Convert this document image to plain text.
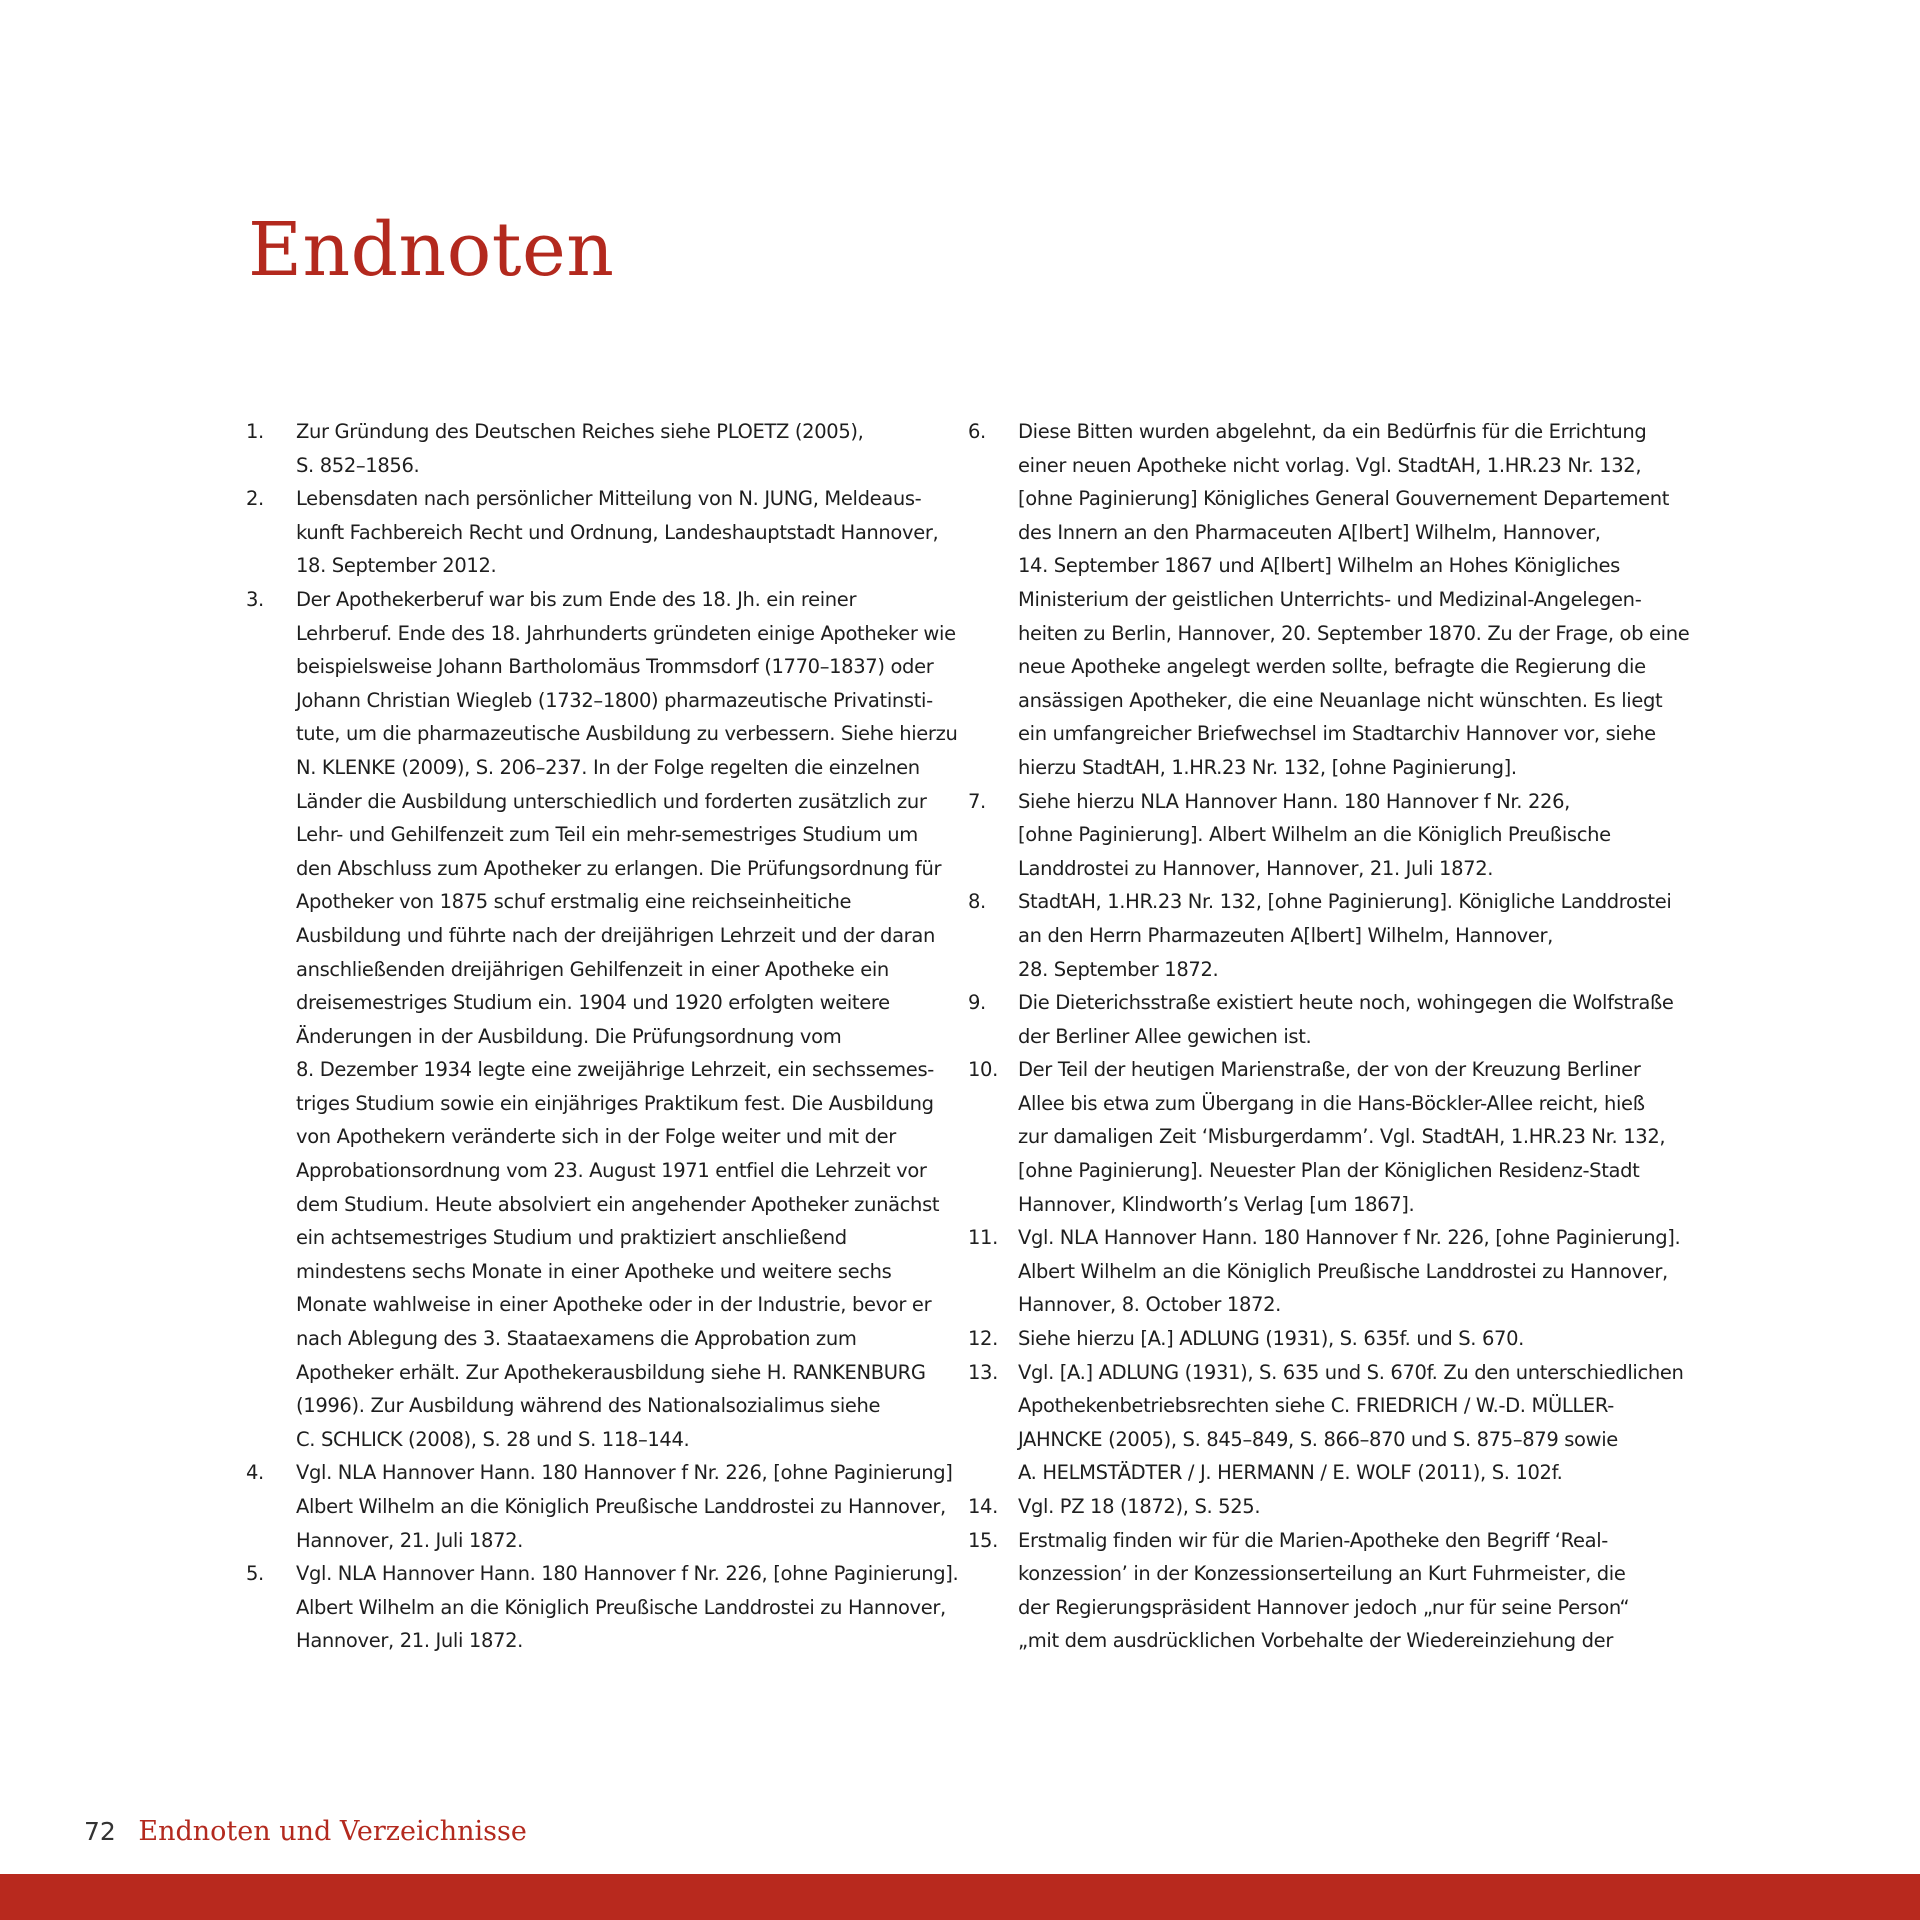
Endnoten
1.	Zur Gründung des Deutschen Reiches siehe PLOETZ (2005),
S. 852–1856.
2.	Lebensdaten nach persönlicher Mitteilung von N. JUNG, Meldeaus-
kunft Fachbereich Recht und Ordnung, Landeshauptstadt Hannover,
18. September 2012.
3.	Der Apothekerberuf war bis zum Ende des 18. Jh. ein reiner
Lehrberuf. Ende des 18. Jahrhunderts gründeten einige Apotheker wie
beispielsweise Johann Bartholomäus Trommsdorf (1770–1837) oder
Johann Christian Wiegleb (1732–1800) pharmazeutische Privatinsti-
tute, um die pharmazeutische Ausbildung zu verbessern. Siehe hierzu
N. KLENKE (2009), S. 206–237. In der Folge regelten die einzelnen
Länder die Ausbildung unterschiedlich und forderten zusätzlich zur
Lehr- und Gehilfenzeit zum Teil ein mehr-semestriges Studium um
den Abschluss zum Apotheker zu erlangen. Die Prüfungsordnung für
Apotheker von 1875 schuf erstmalig eine reichseinheitiche
Ausbildung und führte nach der dreijährigen Lehrzeit und der daran
anschließenden dreijährigen Gehilfenzeit in einer Apotheke ein
dreisemestriges Studium ein. 1904 und 1920 erfolgten weitere
Änderungen in der Ausbildung. Die Prüfungsordnung vom
8. Dezember 1934 legte eine zweijährige Lehrzeit, ein sechssemes-
triges Studium sowie ein einjähriges Praktikum fest. Die Ausbildung
von Apothekern veränderte sich in der Folge weiter und mit der
Approbationsordnung vom 23. August 1971 entfiel die Lehrzeit vor
dem Studium. Heute absolviert ein angehender Apotheker zunächst
ein achtsemestriges Studium und praktiziert anschließend
mindestens sechs Monate in einer Apotheke und weitere sechs
Monate wahlweise in einer Apotheke oder in der Industrie, bevor er
nach Ablegung des 3. Staataexamens die Approbation zum
Apotheker erhält. Zur Apothekerausbildung siehe H. RANKENBURG
(1996). Zur Ausbildung während des Nationalsozialimus siehe
C. SCHLICK (2008), S. 28 und S. 118–144.
4.	Vgl. NLA Hannover Hann. 180 Hannover f Nr. 226, [ohne Paginierung]
Albert Wilhelm an die Königlich Preußische Landdrostei zu Hannover,
Hannover, 21. Juli 1872.
5.	Vgl. NLA Hannover Hann. 180 Hannover f Nr. 226, [ohne Paginierung].
Albert Wilhelm an die Königlich Preußische Landdrostei zu Hannover,
Hannover, 21. Juli 1872.
6.	Diese Bitten wurden abgelehnt, da ein Bedürfnis für die Errichtung
einer neuen Apotheke nicht vorlag. Vgl. StadtAH, 1.HR.23 Nr. 132,
[ohne Paginierung] Königliches General Gouvernement Departement
des Innern an den Pharmaceuten A[lbert] Wilhelm, Hannover,
14. September 1867 und A[lbert] Wilhelm an Hohes Königliches
Ministerium der geistlichen Unterrichts- und Medizinal-Angelegen-
heiten zu Berlin, Hannover, 20. September 1870. Zu der Frage, ob eine
neue Apotheke angelegt werden sollte, befragte die Regierung die
ansässigen Apotheker, die eine Neuanlage nicht wünschten. Es liegt
ein umfangreicher Briefwechsel im Stadtarchiv Hannover vor, siehe
hierzu StadtAH, 1.HR.23 Nr. 132, [ohne Paginierung].
7.	Siehe hierzu NLA Hannover Hann. 180 Hannover f Nr. 226,
[ohne Paginierung]. Albert Wilhelm an die Königlich Preußische
Landdrostei zu Hannover, Hannover, 21. Juli 1872.
8.	StadtAH, 1.HR.23 Nr. 132, [ohne Paginierung]. Königliche Landdrostei
an den Herrn Pharmazeuten A[lbert] Wilhelm, Hannover,
28. September 1872.
9.	Die Dieterichsstraße existiert heute noch, wohingegen die Wolfstraße
der Berliner Allee gewichen ist.
10.	Der Teil der heutigen Marienstraße, der von der Kreuzung Berliner
Allee bis etwa zum Übergang in die Hans-Böckler-Allee reicht, hieß
zur damaligen Zeit ‘Misburgerdamm’. Vgl. StadtAH, 1.HR.23 Nr. 132,
[ohne Paginierung]. Neuester Plan der Königlichen Residenz-Stadt
Hannover, Klindworth’s Verlag [um 1867].
11.	Vgl. NLA Hannover Hann. 180 Hannover f Nr. 226, [ohne Paginierung].
Albert Wilhelm an die Königlich Preußische Landdrostei zu Hannover,
Hannover, 8. October 1872.
12.	Siehe hierzu [A.] ADLUNG (1931), S. 635f. und S. 670.
13.	Vgl. [A.] ADLUNG (1931), S. 635 und S. 670f. Zu den unterschiedlichen
Apothekenbetriebsrechten siehe C. FRIEDRICH / W.-D. MÜLLER-
JAHNCKE (2005), S. 845–849, S. 866–870 und S. 875–879 sowie
A. HELMSTÄDTER / J. HERMANN / E. WOLF (2011), S. 102f.
14.	Vgl. PZ 18 (1872), S. 525.
15.	Erstmalig finden wir für die Marien-Apotheke den Begriff ‘Real-
konzession’ in der Konzessionserteilung an Kurt Fuhrmeister, die
der Regierungspräsident Hannover jedoch „nur für seine Person“
„mit dem ausdrücklichen Vorbehalte der Wiedereinziehung der
72 Endnoten und Verzeichnisse
